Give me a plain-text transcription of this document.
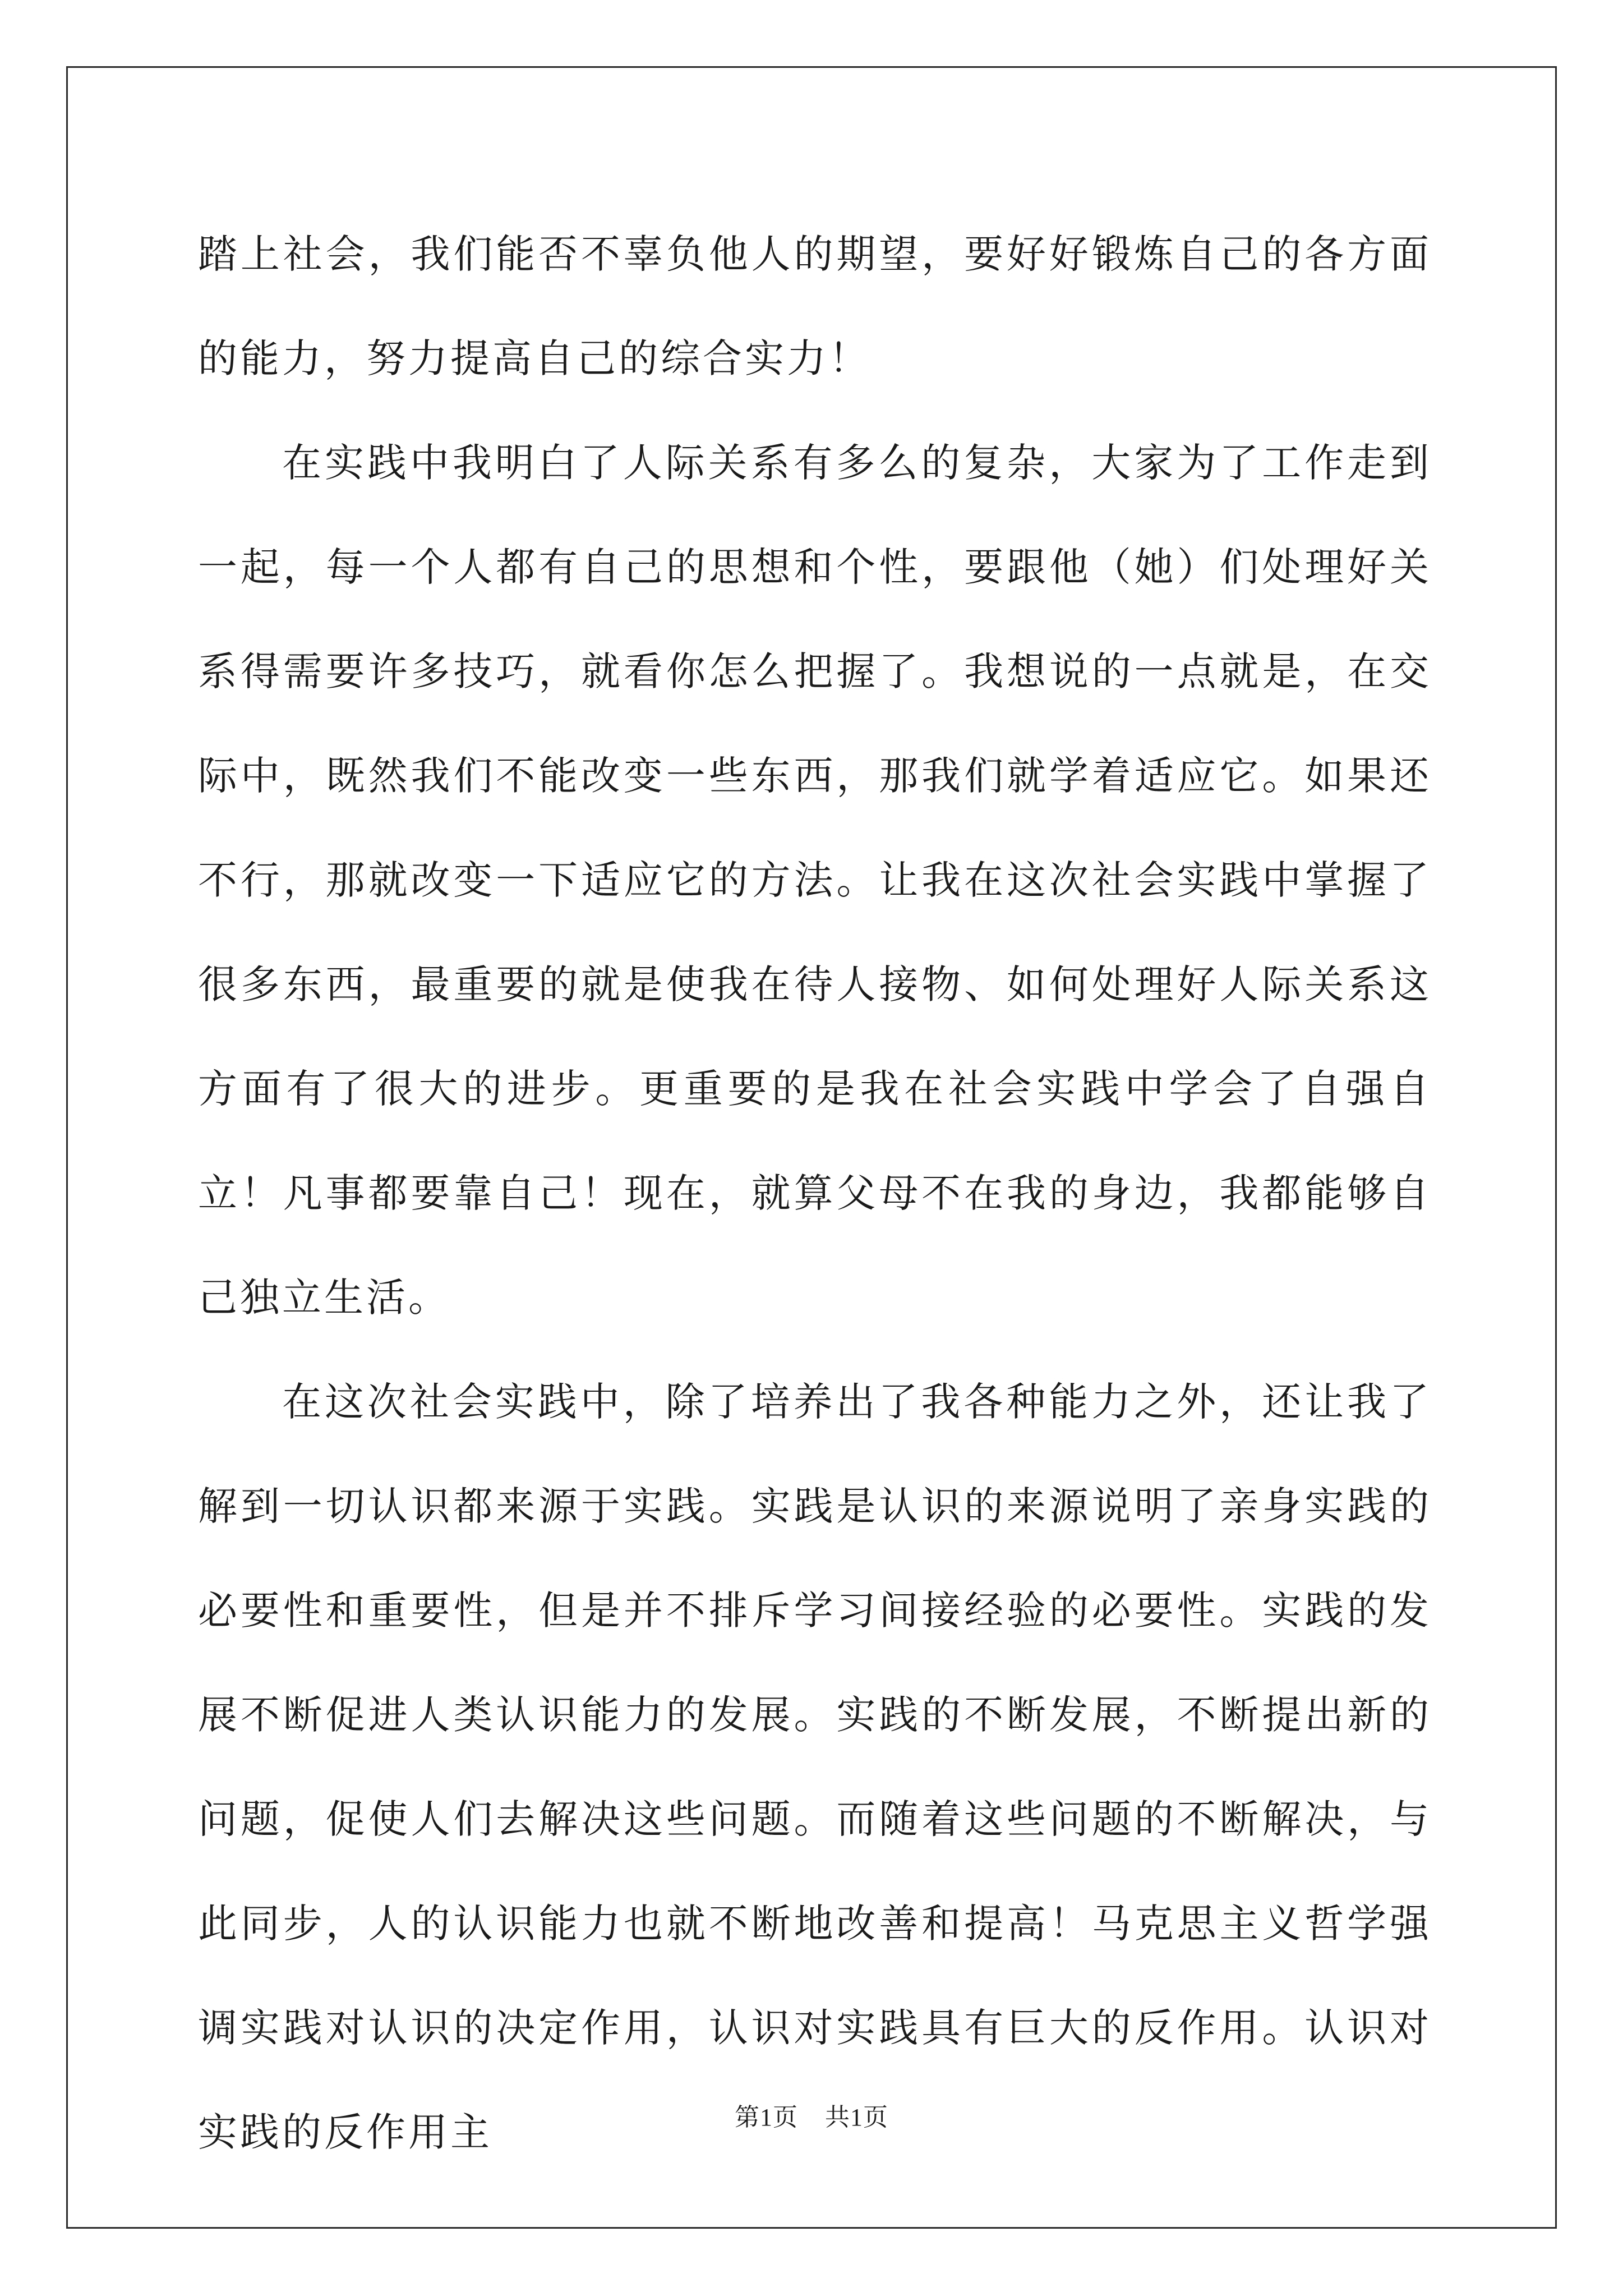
踏上社会，我们能否不辜负他人的期望，要好好锻炼自己的各方面的能力，努力提高自己的综合实力！

在实践中我明白了人际关系有多么的复杂，大家为了工作走到一起，每一个人都有自己的思想和个性，要跟他（她）们处理好关系得需要许多技巧，就看你怎么把握了。我想说的一点就是，在交际中，既然我们不能改变一些东西，那我们就学着适应它。如果还不行，那就改变一下适应它的方法。让我在这次社会实践中掌握了很多东西，最重要的就是使我在待人接物、如何处理好人际关系这方面有了很大的进步。更重要的是我在社会实践中学会了自强自立！凡事都要靠自己！现在，就算父母不在我的身边，我都能够自己独立生活。

在这次社会实践中，除了培养出了我各种能力之外，还让我了解到一切认识都来源于实践。实践是认识的来源说明了亲身实践的必要性和重要性，但是并不排斥学习间接经验的必要性。实践的发展不断促进人类认识能力的发展。实践的不断发展，不断提出新的问题，促使人们去解决这些问题。而随着这些问题的不断解决，与此同步，人的认识能力也就不断地改善和提高！马克思主义哲学强调实践对认识的决定作用，认识对实践具有巨大的反作用。认识对实践的反作用主	第1页 共1页
